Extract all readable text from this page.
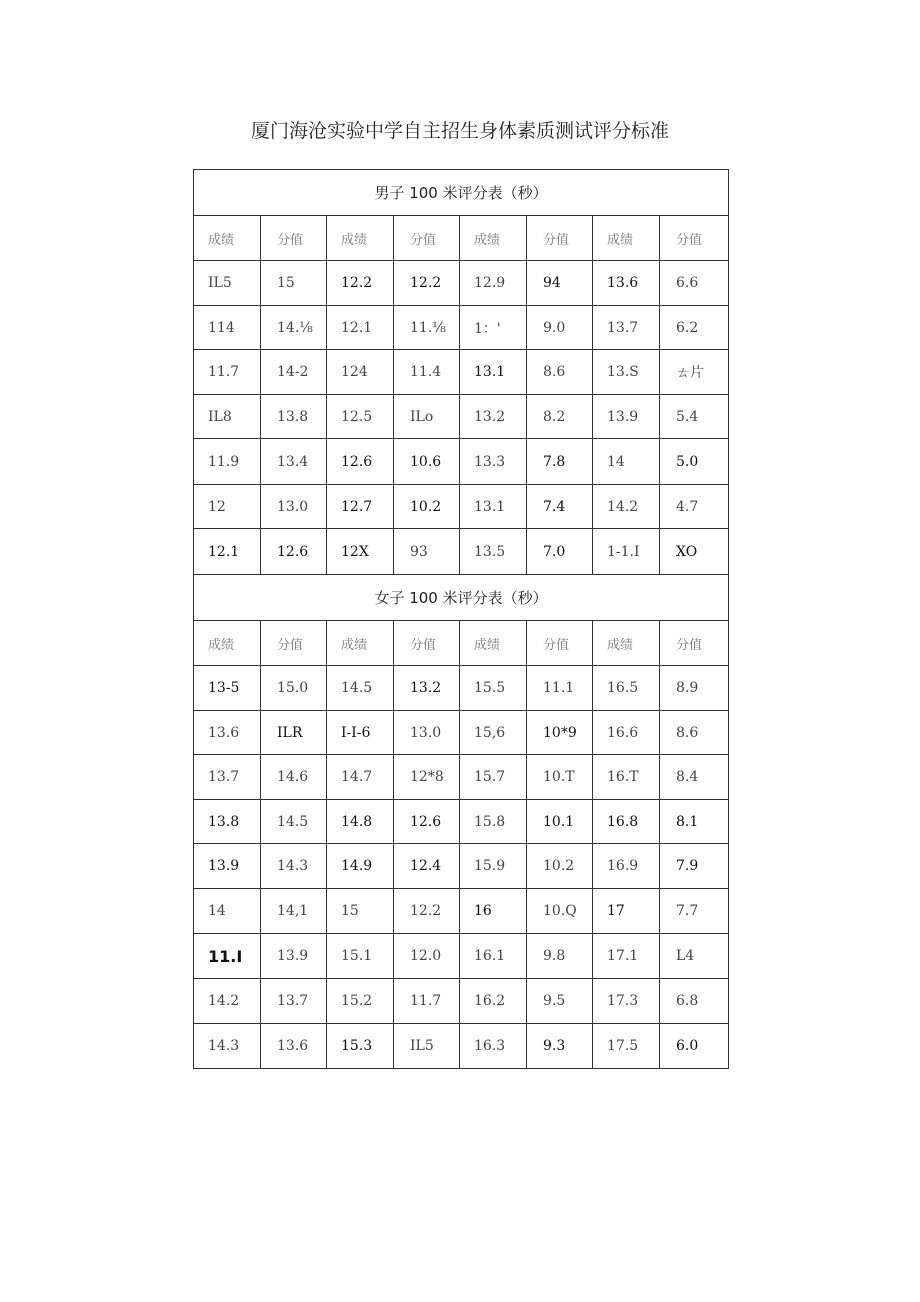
厦门海沧实验中学自主招生身体素质测试评分标准
男子 100 米评分表（秒）							
成绩	分值	成绩	分值	成绩	分值	成绩	分值
IL5	15	12.2	12.2	12.9	94	13.6	6.6
114	14.⅛	12.1	11.⅛	1：'	9.0	13.7	6.2
11.7	14-2	124	11.4	13.1	8.6	13.S	ㄊ片
IL8	13.8	12.5	ILo	13.2	8.2	13.9	5.4
11.9	13.4	12.6	10.6	13.3	7.8	14	5.0
12	13.0	12.7	10.2	13.1	7.4	14.2	4.7
12.1	12.6	12X	93	13.5	7.0	1-1.I	XO
女子 100 米评分表（秒）							
成绩	分值	成绩	分值	成绩	分值	成绩	分值
13-5	15.0	14.5	13.2	15.5	11.1	16.5	8.9
13.6	ILR	I-I-6	13.0	15,6	10*9	16.6	8.6
13.7	14.6	14.7	12*8	15.7	10.T	16.T	8.4
13.8	14.5	14.8	12.6	15.8	10.1	16.8	8.1
13.9	14.3	14.9	12.4	15.9	10.2	16.9	7.9
14	14,1	15	12.2	16	10.Q	17	7.7
11.I	13.9	15.1	12.0	16.1	9.8	17.1	L4
14.2	13.7	15.2	11.7	16.2	9.5	17.3	6.8
14.3	13.6	15.3	IL5	16.3	9.3	17.5	6.0
